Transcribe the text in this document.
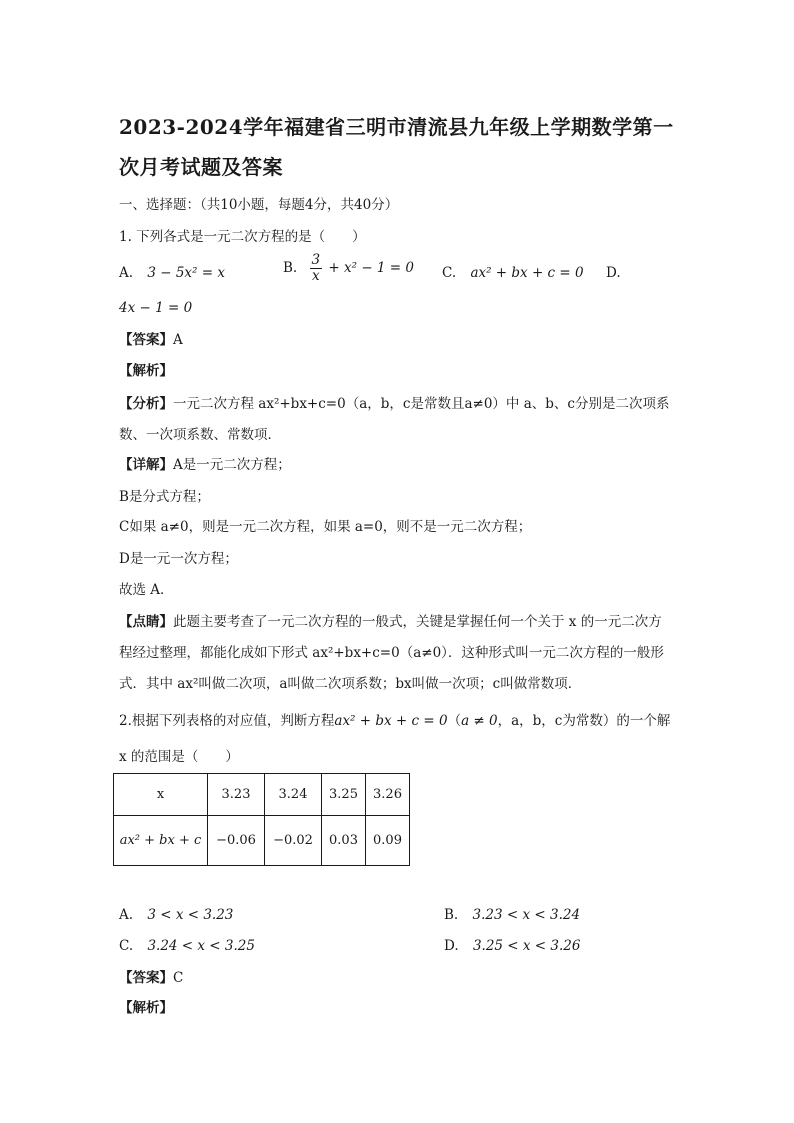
2023-2024学年福建省三明市清流县九年级上学期数学第一次月考试题及答案
一、选择题：（共10小题，每题4分，共40分）
1. 下列各式是一元二次方程的是（　　）
A. 3 − 5x² = x	B. $\frac{3}{x} + x^2 - 1 = 0$ C. ax² + bx + c = 0 D.
4x − 1 = 0
【答案】A
【解析】
【分析】一元二次方程 ax²+bx+c=0（a，b，c是常数且a≠0）中 a、b、c分别是二次项系
数、一次项系数、常数项．
【详解】A是一元二次方程；
B是分式方程；
C如果 a≠0，则是一元二次方程，如果 a=0，则不是一元二次方程；
D是一元一次方程；
故选 A．
【点睛】此题主要考查了一元二次方程的一般式，关键是掌握任何一个关于 x 的一元二次方
程经过整理，都能化成如下形式 ax²+bx+c=0（a≠0）．这种形式叫一元二次方程的一般形
式．其中 ax²叫做二次项，a叫做二次项系数；bx叫做一次项；c叫做常数项．
2.根据下列表格的对应值，判断方程ax² + bx + c = 0（a ≠ 0，a，b，c为常数）的一个解
x 的范围是（　　）
x	3.23	3.24	3.25	3.26
ax² + bx + c	−0.06	−0.02	0.03	0.09
A. 3 < x < 3.23	B. 3.23 < x < 3.24
C. 3.24 < x < 3.25	D. 3.25 < x < 3.26
【答案】C
【解析】
